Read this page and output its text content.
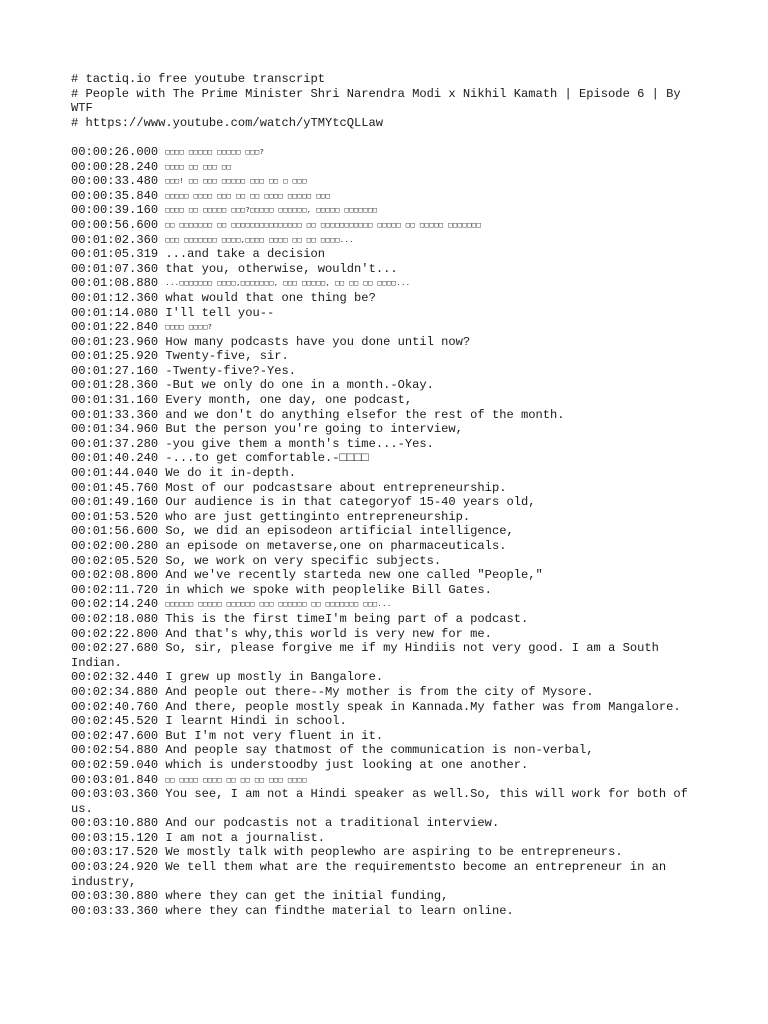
# tactiq.io free youtube transcript
# People with The Prime Minister Shri Narendra Modi x Nikhil Kamath | Episode 6 | By WTF
# https://www.youtube.com/watch/yTMYtcQLLaw
00:00:26.000 □□□□ □□□□□ □□□□□ □□□?
00:00:28.240 □□□□ □□ □□□ □□
00:00:33.480 □□□! □□ □□□ □□□□□ □□□ □□ □ □□□
00:00:35.840 □□□□□ □□□□ □□□ □□ □□ □□□□ □□□□□ □□□
00:00:39.160 □□□□ □□ □□□□□ □□□?□□□□□ □□□□□□, □□□□□ □□□□□□□
00:00:56.600 □□ □□□□□□□ □□ □□□□□□□□□□□□□□□ □□ □□□□□□□□□□□ □□□□□ □□ □□□□□ □□□□□□□
00:01:02.360 □□□ □□□□□□□ □□□□,□□□□ □□□□ □□ □□ □□□□...
00:01:05.319 ...and take a decision
00:01:07.360 that you, otherwise, wouldn't...
00:01:08.880 ...□□□□□□□ □□□□,□□□□□□□, □□□ □□□□□, □□ □□ □□ □□□□...
00:01:12.360 what would that one thing be?
00:01:14.080 I'll tell you--
00:01:22.840 □□□□ □□□□?
00:01:23.960 How many podcasts have you done until now?
00:01:25.920 Twenty-five, sir.
00:01:27.160 -Twenty-five?-Yes.
00:01:28.360 -But we only do one in a month.-Okay.
00:01:31.160 Every month, one day, one podcast,
00:01:33.360 and we don't do anything elsefor the rest of the month.
00:01:34.960 But the person you're going to interview,
00:01:37.280 -you give them a month's time...-Yes.
00:01:40.240 -...to get comfortable.-□□□□
00:01:44.040 We do it in-depth.
00:01:45.760 Most of our podcastsare about entrepreneurship.
00:01:49.160 Our audience is in that categoryof 15-40 years old,
00:01:53.520 who are just gettinginto entrepreneurship.
00:01:56.600 So, we did an episodeon artificial intelligence,
00:02:00.280 an episode on metaverse,one on pharmaceuticals.
00:02:05.520 So, we work on very specific subjects.
00:02:08.800 And we've recently starteda new one called "People,"
00:02:11.720 in which we spoke with peoplelike Bill Gates.
00:02:14.240 □□□□□□ □□□□□ □□□□□□ □□□ □□□□□□ □□ □□□□□□□ □□□...
00:02:18.080 This is the first timeI'm being part of a podcast.
00:02:22.800 And that's why,this world is very new for me.
00:02:27.680 So, sir, please forgive me if my Hindiis not very good. I am a South Indian.
00:02:32.440 I grew up mostly in Bangalore.
00:02:34.880 And people out there--My mother is from the city of Mysore.
00:02:40.760 And there, people mostly speak in Kannada.My father was from Mangalore.
00:02:45.520 I learnt Hindi in school.
00:02:47.600 But I'm not very fluent in it.
00:02:54.880 And people say thatmost of the communication is non-verbal,
00:02:59.040 which is understoodby just looking at one another.
00:03:01.840 □□ □□□□ □□□□ □□ □□ □□ □□□ □□□□
00:03:03.360 You see, I am not a Hindi speaker as well.So, this will work for both of us.
00:03:10.880 And our podcastis not a traditional interview.
00:03:15.120 I am not a journalist.
00:03:17.520 We mostly talk with peoplewho are aspiring to be entrepreneurs.
00:03:24.920 We tell them what are the requirementsto become an entrepreneur in an industry,
00:03:30.880 where they can get the initial funding,
00:03:33.360 where they can findthe material to learn online.
